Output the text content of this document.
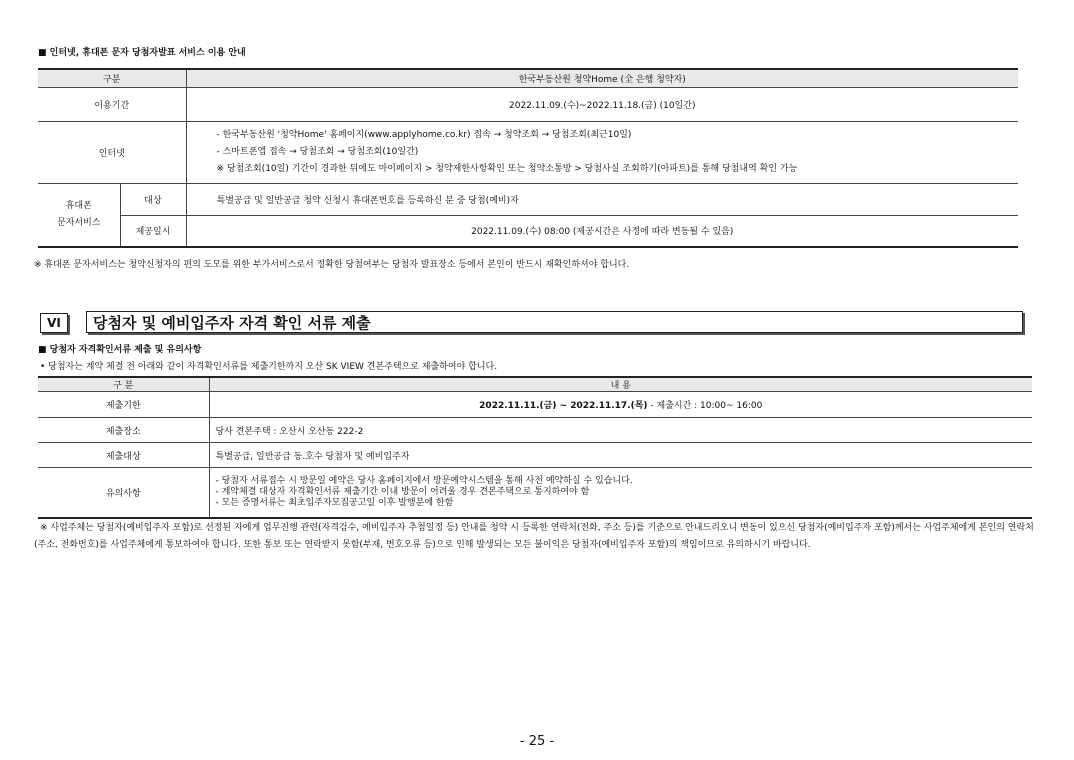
■ 인터넷, 휴대폰 문자 당첨자발표 서비스 이용 안내
구분		한국부동산원 청약Home (全 은행 청약자)
이용기간		2022.11.09.(수)~2022.11.18.(금) (10일간)
인터넷		- 한국부동산원 '청약Home' 홈페이지(www.applyhome.co.kr) 접속 → 청약조회 → 당첨조회(최근10일)
- 스마트폰앱 접속 → 당첨조회 → 당첨조회(10일간)
※ 당첨조회(10일) 기간이 경과한 뒤에도 마이페이지 > 청약제한사항확인 또는 청약소통방 > 당첨사실 조회하기(아파트)를 통해 당첨내역 확인 가능

휴대폰
문자서비스	대상	특별공급 및 일반공급 청약 신청시 휴대폰번호를 등록하신 분 중 당첨(예비)자
	제공일시	2022.11.09.(수) 08:00 (제공시간은 사정에 따라 변동될 수 있음)
※ 휴대폰 문자서비스는 청약신청자의 편의 도모를 위한 부가서비스로서 정확한 당첨여부는 당첨자 발표장소 등에서 본인이 반드시 재확인하셔야 합니다.
VI	당첨자 및 예비입주자 자격 확인 서류 제출
■ 당첨자 자격확인서류 제출 및 유의사항
• 당첨자는 계약 체결 전 아래와 같이 자격확인서류를 제출기한까지 오산 SK VIEW 견본주택으로 제출하여야 합니다.
구 분	내 용
제출기한	2022.11.11.(금) ~ 2022.11.17.(목) - 제출시간 : 10:00~ 16:00
제출장소	당사 견본주택 : 오산시 오산동 222-2
제출대상	특별공급, 일반공급 동.호수 당첨자 및 예비입주자
유의사항	- 당첨자 서류접수 시 방문일 예약은 당사 홈페이지에서 방문예약시스템을 통해 사전 예약하실 수 있습니다.
- 계약체결 대상자 자격확인서류 제출기간 이내 방문이 어려울 경우 견본주택으로 통지하여야 함
- 모든 증명서류는 최초입주자모집공고일 이후 발행분에 한함
※ 사업주체는 당첨자(예비입주자 포함)로 선정된 자에게 업무진행 관련(자격검수, 예비입주자 추첨일정 등) 안내를 청약 시 등록한 연락처(전화, 주소 등)를 기준으로 안내드리오니 변동이 있으신 당첨자(예비입주자 포함)께서는 사업주체에게 본인의 연락처(주소, 전화번호)를 사업주체에게 통보하여야 합니다. 또한 통보 또는 연락받지 못함(부재, 번호오류 등)으로 인해 발생되는 모든 불이익은 당첨자(예비입주자 포함)의 책임이므로 유의하시기 바랍니다.
- 25 -
